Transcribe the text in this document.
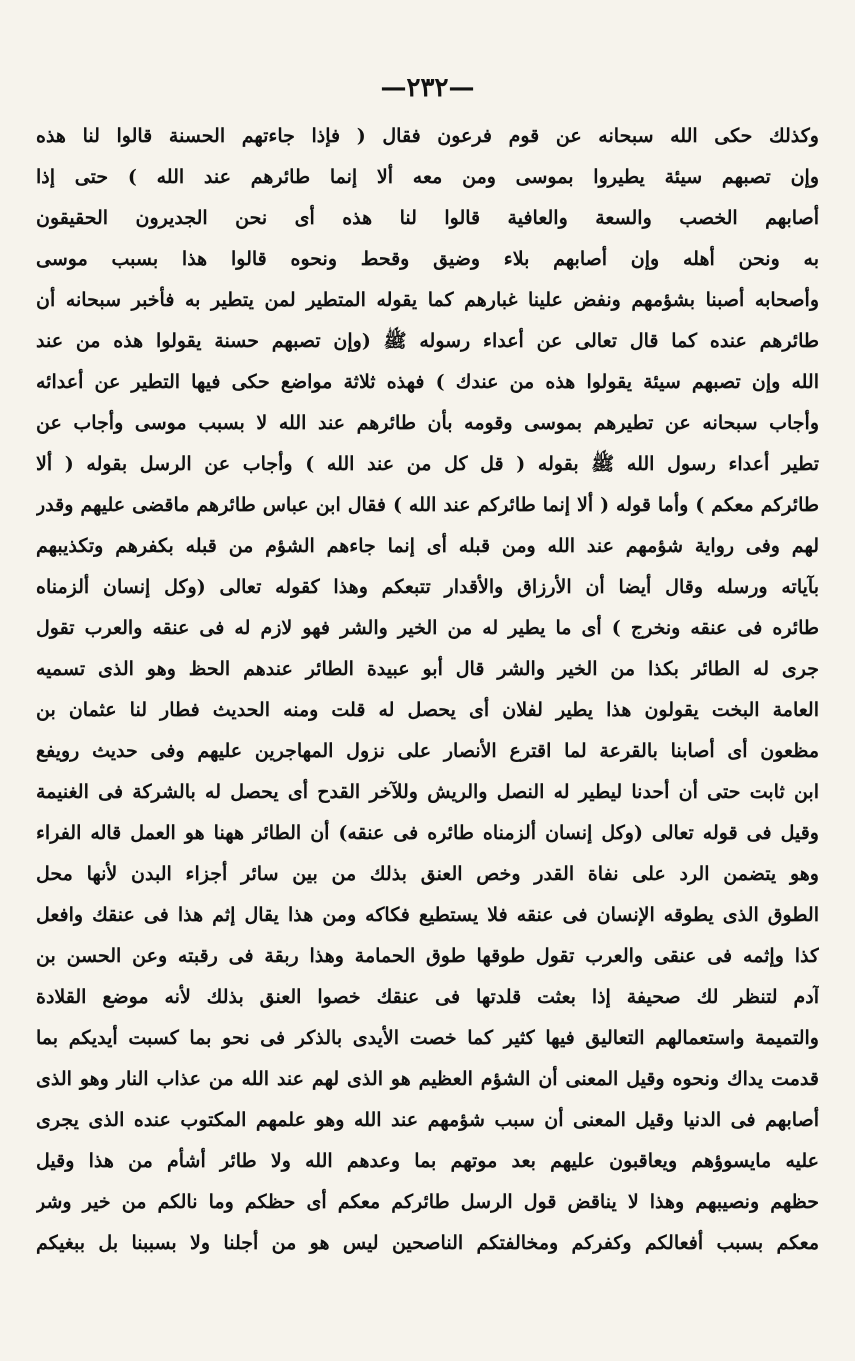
—٢٣٢—
وكذلك حكى الله سبحانه عن قوم فرعون فقال ( فإذا جاءتهم الحسنة قالوا لنا هذه
وإن تصبهم سيئة يطيروا بموسى ومن معه ألا إنما طائرهم عند الله ) حتى إذا
أصابهم الخصب والسعة والعافية قالوا لنا هذه أى نحن الجديرون الحقيقون
به ونحن أهله وإن أصابهم بلاء وضيق وقحط ونحوه قالوا هذا بسبب موسى
وأصحابه أصبنا بشؤمهم ونفض علينا غبارهم كما يقوله المتطير لمن يتطير به فأخبر سبحانه أن
طائرهم عنده كما قال تعالى عن أعداء رسوله ﷺ (وإن تصبهم حسنة يقولوا هذه من عند
الله وإن تصبهم سيئة يقولوا هذه من عندك ) فهذه ثلاثة مواضع حكى فيها التطير عن أعدائه
وأجاب سبحانه عن تطيرهم بموسى وقومه بأن طائرهم عند الله لا بسبب موسى وأجاب عن
تطير أعداء رسول الله ﷺ بقوله ( قل كل من عند الله ) وأجاب عن الرسل بقوله ( ألا
طائركم معكم ) وأما قوله ( ألا إنما طائركم عند الله ) فقال ابن عباس طائرهم ماقضى عليهم وقدر
لهم وفى رواية شؤمهم عند الله ومن قبله أى إنما جاءهم الشؤم من قبله بكفرهم وتكذيبهم
بآياته ورسله وقال أيضا أن الأرزاق والأقدار تتبعكم وهذا كقوله تعالى (وكل إنسان ألزمناه
طائره فى عنقه ونخرج ) أى ما يطير له من الخير والشر فهو لازم له فى عنقه والعرب تقول
جرى له الطائر بكذا من الخير والشر قال أبو عبيدة الطائر عندهم الحظ وهو الذى تسميه
العامة البخت يقولون هذا يطير لفلان أى يحصل له قلت ومنه الحديث فطار لنا عثمان بن
مظعون أى أصابنا بالقرعة لما اقترع الأنصار على نزول المهاجرين عليهم وفى حديث رويفع
ابن ثابت حتى أن أحدنا ليطير له النصل والريش وللآخر القدح أى يحصل له بالشركة فى الغنيمة
وقيل فى قوله تعالى (وكل إنسان ألزمناه طائره فى عنقه) أن الطائر ههنا هو العمل قاله الفراء
وهو يتضمن الرد على نفاة القدر وخص العنق بذلك من بين سائر أجزاء البدن لأنها محل
الطوق الذى يطوقه الإنسان فى عنقه فلا يستطيع فكاكه ومن هذا يقال إثم هذا فى عنقك وافعل
كذا وإثمه فى عنقى والعرب تقول طوقها طوق الحمامة وهذا ربقة فى رقبته وعن الحسن بن
آدم لتنظر لك صحيفة إذا بعثت قلدتها فى عنقك خصوا العنق بذلك لأنه موضع القلادة
والتميمة واستعمالهم التعاليق فيها كثير كما خصت الأيدى بالذكر فى نحو بما كسبت أيديكم بما
قدمت يداك ونحوه وقيل المعنى أن الشؤم العظيم هو الذى لهم عند الله من عذاب النار وهو الذى
أصابهم فى الدنيا وقيل المعنى أن سبب شؤمهم عند الله وهو علمهم المكتوب عنده الذى يجرى
عليه مايسوؤهم ويعاقبون عليهم بعد موتهم بما وعدهم الله ولا طائر أشأم من هذا وقيل
حظهم ونصيبهم وهذا لا يناقض قول الرسل طائركم معكم أى حظكم وما نالكم من خير وشر
معكم بسبب أفعالكم وكفركم ومخالفتكم الناصحين ليس هو من أجلنا ولا بسببنا بل ببغيكم
